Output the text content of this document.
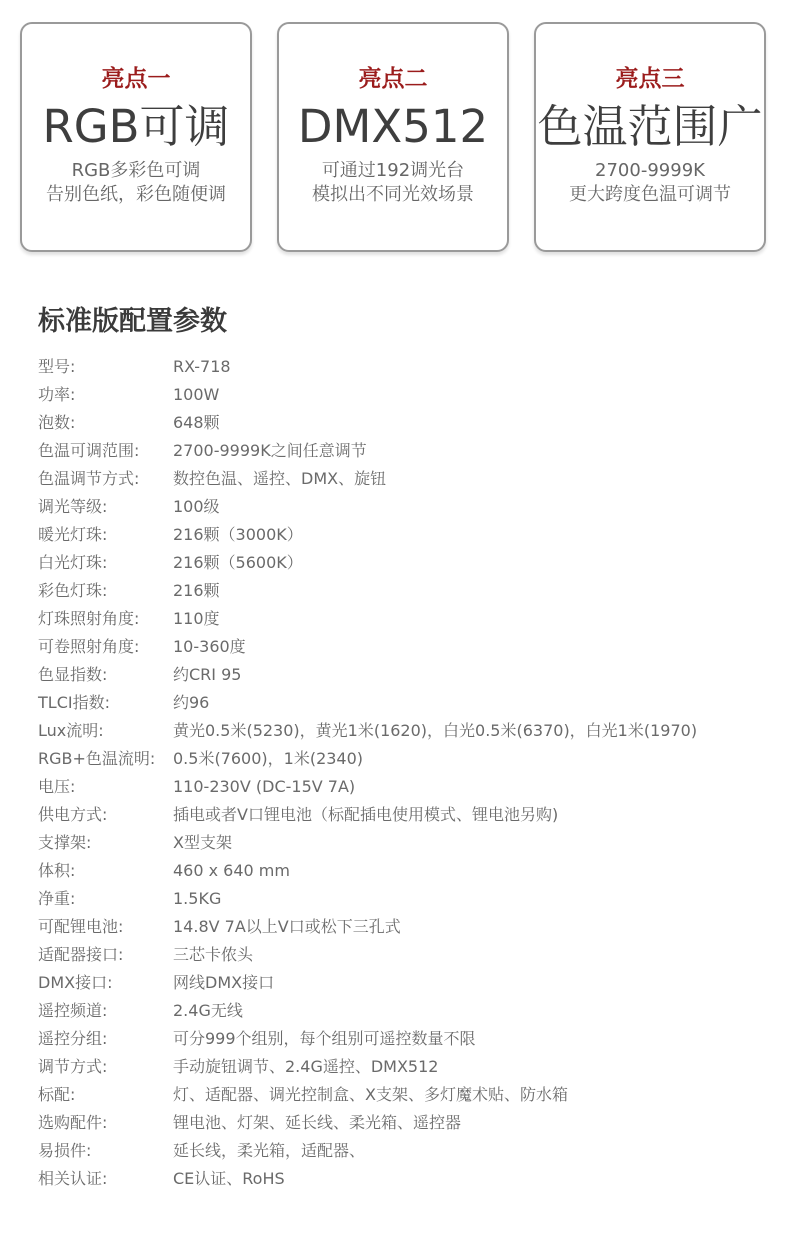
亮点一
RGB可调
RGB多彩色可调
告别色纸，彩色随便调
亮点二
DMX512
可通过192调光台
模拟出不同光效场景
亮点三
色温范围广
2700-9999K
更大跨度色温可调节
标准版配置参数
型号:	RX-718
功率:	100W
泡数:	648颗
色温可调范围: 2700-9999K之间任意调节
色温调节方式: 数控色温、遥控、DMX、旋钮
调光等级:	100级
暖光灯珠:	216颗（3000K）
白光灯珠:	216颗（5600K）
彩色灯珠:	216颗
灯珠照射角度: 110度
可卷照射角度: 10-360度
色显指数:	约CRI 95
TLCI指数:	约96
Lux流明:	黄光0.5米(5230)，黄光1米(1620)，白光0.5米(6370)，白光1米(1970)
RGB+色温流明: 0.5米(7600)，1米(2340)
电压:	110-230V (DC-15V 7A)
供电方式:	插电或者V口锂电池（标配插电使用模式、锂电池另购)
支撑架:	X型支架
体积:	460 x 640 mm
净重:	1.5KG
可配锂电池:	14.8V 7A以上V口或松下三孔式
适配器接口:	三芯卡侬头
DMX接口:	网线DMX接口
遥控频道:	2.4G无线
遥控分组:	可分999个组别，每个组别可遥控数量不限
调节方式:	手动旋钮调节、2.4G遥控、DMX512
标配:	灯、适配器、调光控制盒、X支架、多灯魔术贴、防水箱
选购配件:	锂电池、灯架、延长线、柔光箱、遥控器
易损件:	延长线，柔光箱，适配器、
相关认证:	CE认证、RoHS
